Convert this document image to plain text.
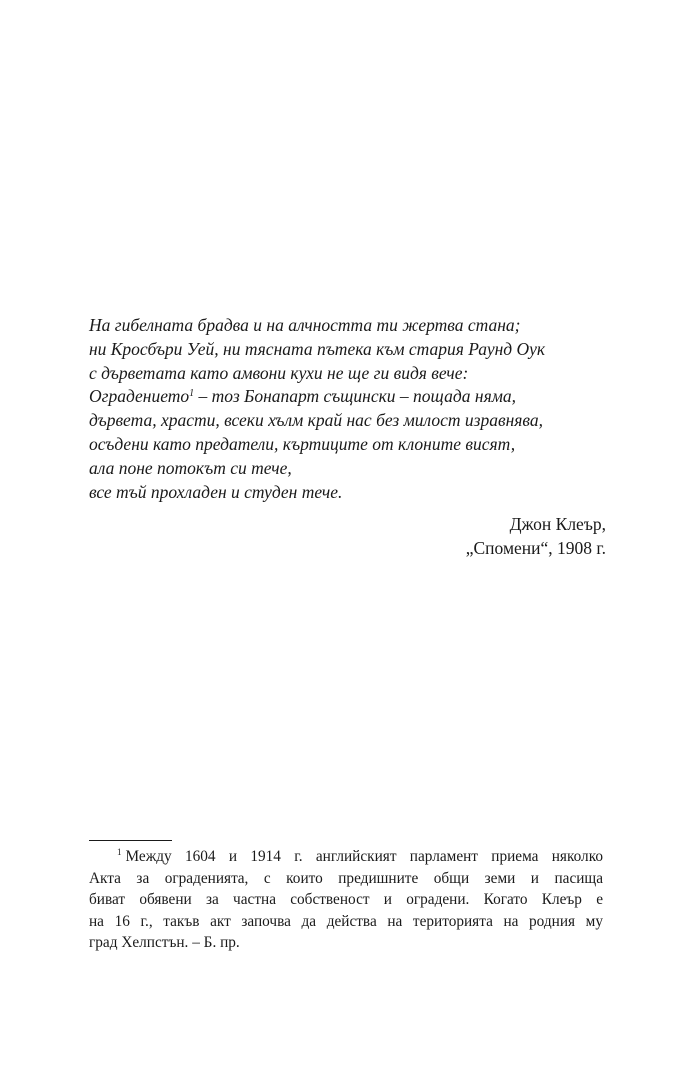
На гибелната брадва и на алчността ти жертва стана;
ни Кросбъри Уей, ни тясната пътека към стария Раунд Оук
с дърветата като амвони кухи не ще ги видя вече:
Оградението$^1$ – тоз Бонапарт същински – пощада няма,
дървета, храсти, всеки хълм край нас без милост изравнява,
осъдени като предатели, къртиците от клоните висят,
ала поне потокът си тече,
все тъй прохладен и студен тече.
Джон Клеър,
„Спомени“, 1908 г.
$^1$ Между 1604 и 1914 г. английският парламент приема няколко
Акта за оградениятa, с които предишните общи земи и пасища
биват обявени за частна собственост и оградени. Когато Клеър е
на 16 г., такъв акт започва да действа на територията на родния му
град Хелпстън. – Б. пр.
